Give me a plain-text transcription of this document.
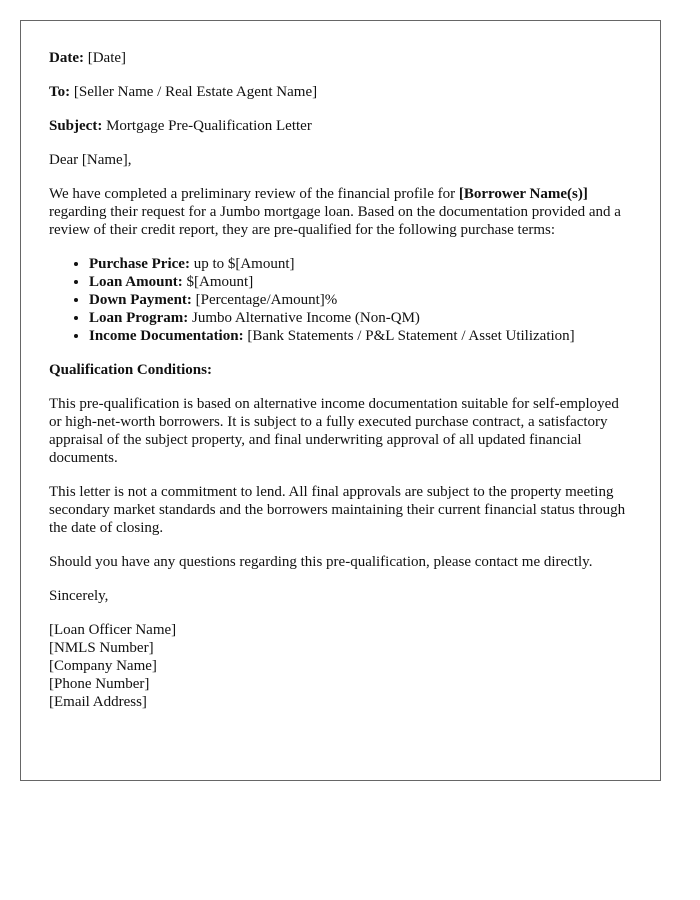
Date: [Date]

To: [Seller Name / Real Estate Agent Name]

Subject: Mortgage Pre-Qualification Letter

Dear [Name],

We have completed a preliminary review of the financial profile for [Borrower Name(s)] regarding their request for a Jumbo mortgage loan. Based on the documentation provided and a review of their credit report, they are pre-qualified for the following purchase terms:

• Purchase Price: up to $[Amount]
• Loan Amount: $[Amount]
• Down Payment: [Percentage/Amount]%
• Loan Program: Jumbo Alternative Income (Non-QM)
• Income Documentation: [Bank Statements / P&L Statement / Asset Utilization]

Qualification Conditions:

This pre-qualification is based on alternative income documentation suitable for self-employed or high-net-worth borrowers. It is subject to a fully executed purchase contract, a satisfactory appraisal of the subject property, and final underwriting approval of all updated financial documents.

This letter is not a commitment to lend. All final approvals are subject to the property meeting secondary market standards and the borrowers maintaining their current financial status through the date of closing.

Should you have any questions regarding this pre-qualification, please contact me directly.

Sincerely,

[Loan Officer Name]
[NMLS Number]
[Company Name]
[Phone Number]
[Email Address]
